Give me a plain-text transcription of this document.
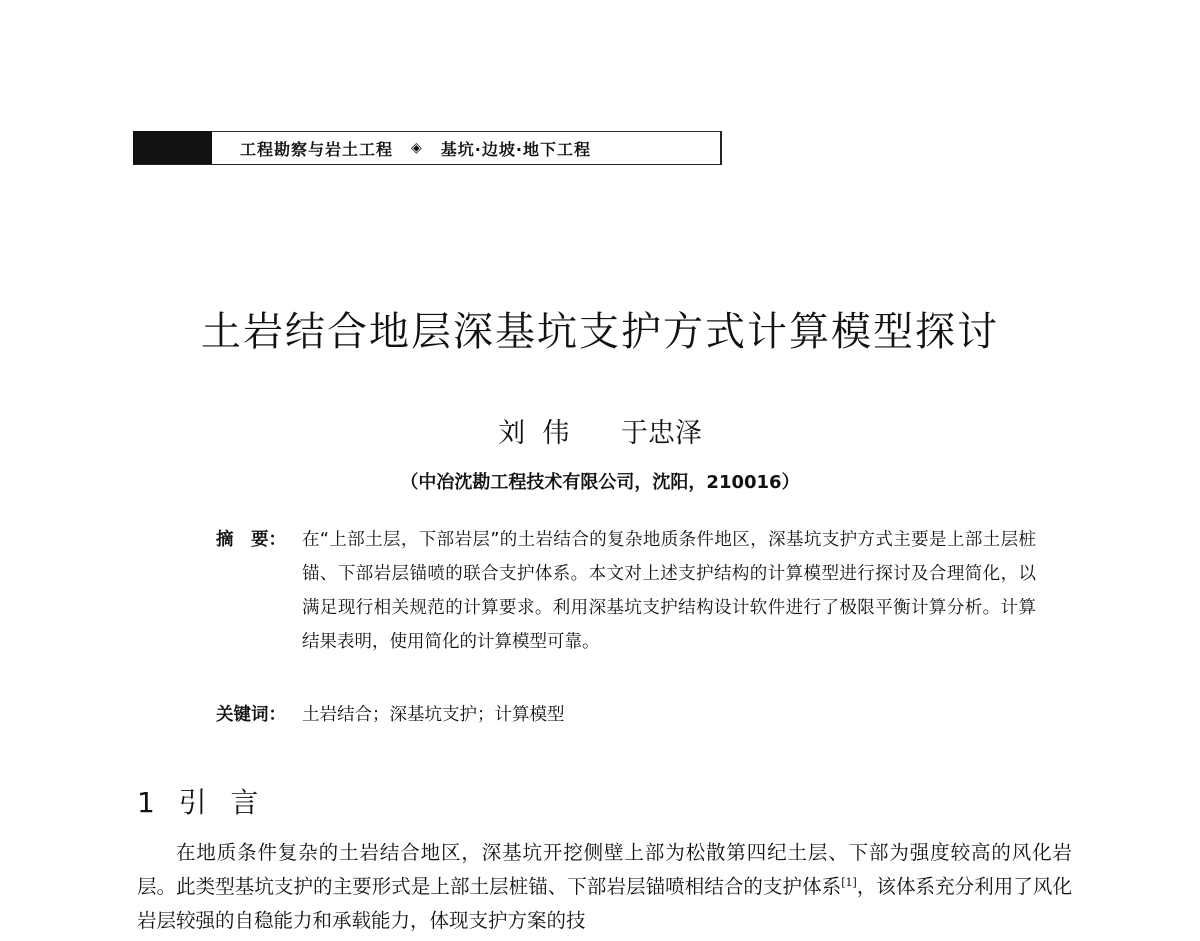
工程勘察与岩土工程 ◈ 基坑·边坡·地下工程
土岩结合地层深基坑支护方式计算模型探讨
刘  伟      于忠泽
（中冶沈勘工程技术有限公司，沈阳，210016）
摘　要： 在“上部土层，下部岩层”的土岩结合的复杂地质条件地区，深基坑支护方式主要是上部土层桩锚、下部岩层锚喷的联合支护体系。本文对上述支护结构的计算模型进行探讨及合理简化，以满足现行相关规范的计算要求。利用深基坑支护结构设计软件进行了极限平衡计算分析。计算结果表明，使用简化的计算模型可靠。
关键词： 土岩结合；深基坑支护；计算模型
1  引  言
在地质条件复杂的土岩结合地区，深基坑开挖侧壁上部为松散第四纪土层、下部为强度较高的风化岩层。此类型基坑支护的主要形式是上部土层桩锚、下部岩层锚喷相结合的支护体系[1]，该体系充分利用了风化岩层较强的自稳能力和承载能力，体现支护方案的技
